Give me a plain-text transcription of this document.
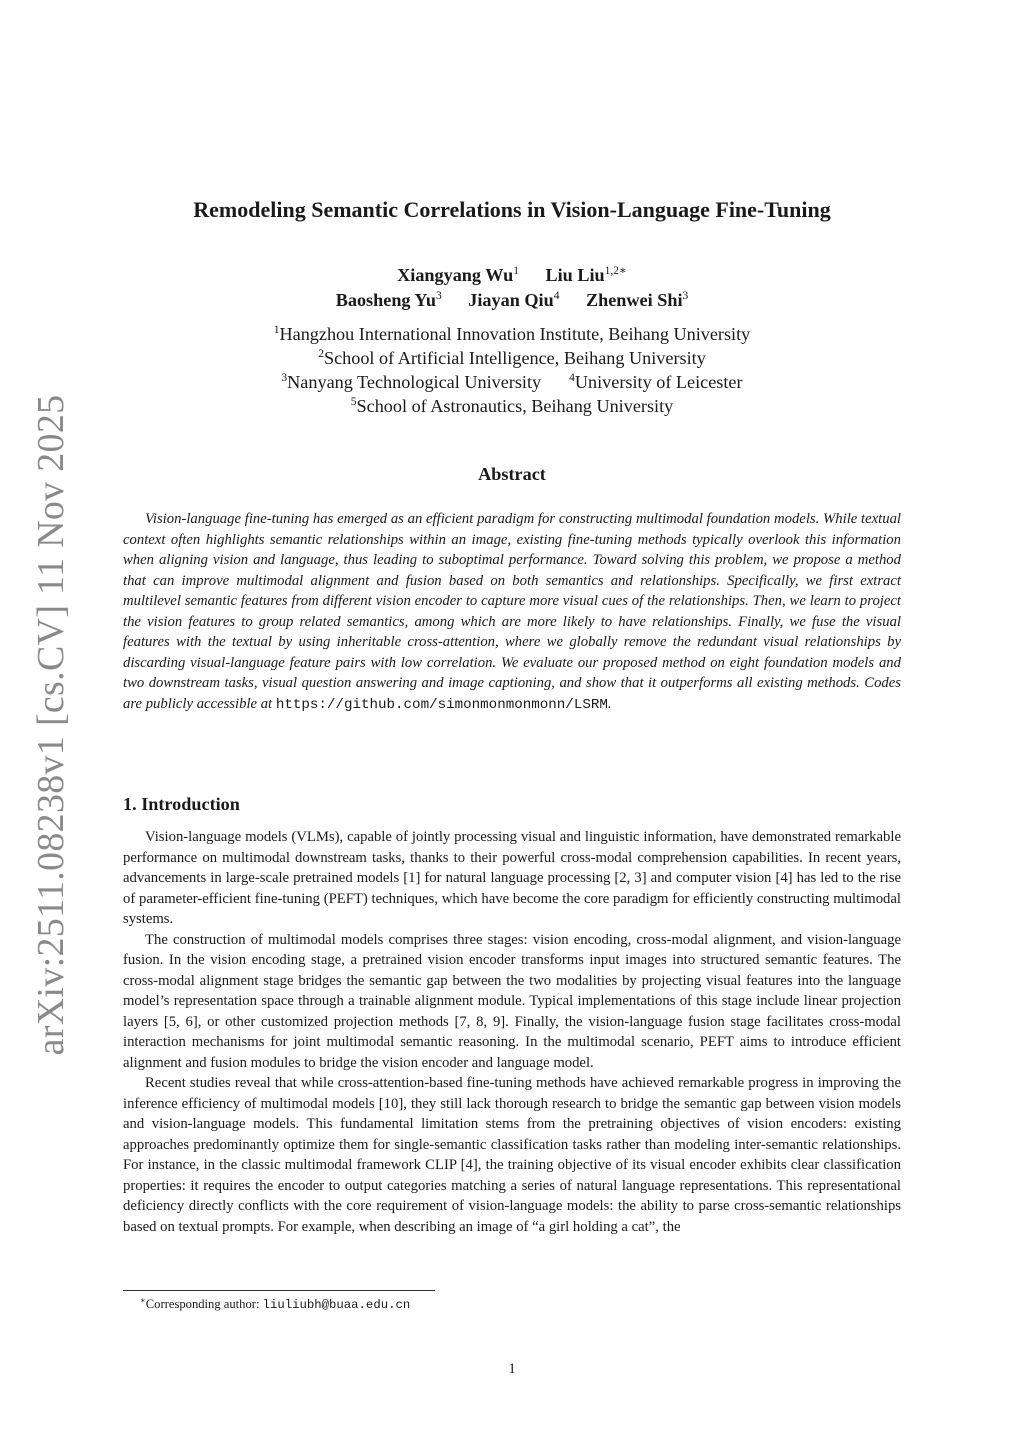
arXiv:2511.08238v1 [cs.CV] 11 Nov 2025
Remodeling Semantic Correlations in Vision-Language Fine-Tuning
Xiangyang Wu$^1$ Liu Liu$^{1,2∗}$
Baosheng Yu$^3$ Jiayan Qiu$^4$ Zhenwei Shi$^3$
$^1$Hangzhou International Innovation Institute, Beihang University
$^2$School of Artificial Intelligence, Beihang University
$^3$Nanyang Technological University $^4$University of Leicester
$^5$School of Astronautics, Beihang University
Abstract

Vision-language fine-tuning has emerged as an efficient paradigm for constructing multimodal foundation models. While textual context often highlights semantic relationships within an image, existing fine-tuning methods typically overlook this information when aligning vision and language, thus leading to suboptimal performance. Toward solving this problem, we propose a method that can improve multimodal alignment and fusion based on both semantics and relationships. Specifically, we first extract multilevel semantic features from different vision encoder to capture more visual cues of the relationships. Then, we learn to project the vision features to group related semantics, among which are more likely to have relationships. Finally, we fuse the visual features with the textual by using inheritable cross-attention, where we globally remove the redundant visual relationships by discarding visual-language feature pairs with low correlation. We evaluate our proposed method on eight foundation models and two downstream tasks, visual question answering and image captioning, and show that it outperforms all existing methods. Codes are publicly accessible at https://github.com/simonmonmonmonn/LSRM.

1. Introduction

Vision-language models (VLMs), capable of jointly processing visual and linguistic information, have demonstrated remarkable performance on multimodal downstream tasks, thanks to their powerful cross-modal comprehension capabilities. In recent years, advancements in large-scale pretrained models [1] for natural language processing [2, 3] and computer vision [4] has led to the rise of parameter-efficient fine-tuning (PEFT) techniques, which have become the core paradigm for efficiently constructing multimodal systems.

The construction of multimodal models comprises three stages: vision encoding, cross-modal alignment, and vision-language fusion. In the vision encoding stage, a pretrained vision encoder transforms input images into structured semantic features. The cross-modal alignment stage bridges the semantic gap between the two modalities by projecting visual features into the language model’s representation space through a trainable alignment module. Typical implementations of this stage include linear projection layers [5, 6], or other customized projection methods [7, 8, 9]. Finally, the vision-language fusion stage facilitates cross-modal interaction mechanisms for joint multimodal semantic reasoning. In the multimodal scenario, PEFT aims to introduce efficient alignment and fusion modules to bridge the vision encoder and language model.

Recent studies reveal that while cross-attention-based fine-tuning methods have achieved remarkable progress in improving the inference efficiency of multimodal models [10], they still lack thorough research to bridge the semantic gap between vision models and vision-language models. This fundamental limitation stems from the pretraining objectives of vision encoders: existing approaches predominantly optimize them for single-semantic classification tasks rather than modeling inter-semantic relationships. For instance, in the classic multimodal framework CLIP [4], the training objective of its visual encoder exhibits clear classification properties: it requires the encoder to output categories matching a series of natural language representations. This representational deficiency directly conflicts with the core requirement of vision-language models: the ability to parse cross-semantic relationships based on textual prompts. For example, when describing an image of “a girl holding a cat”, the

∗Corresponding author: liuliubh@buaa.edu.cn
1
